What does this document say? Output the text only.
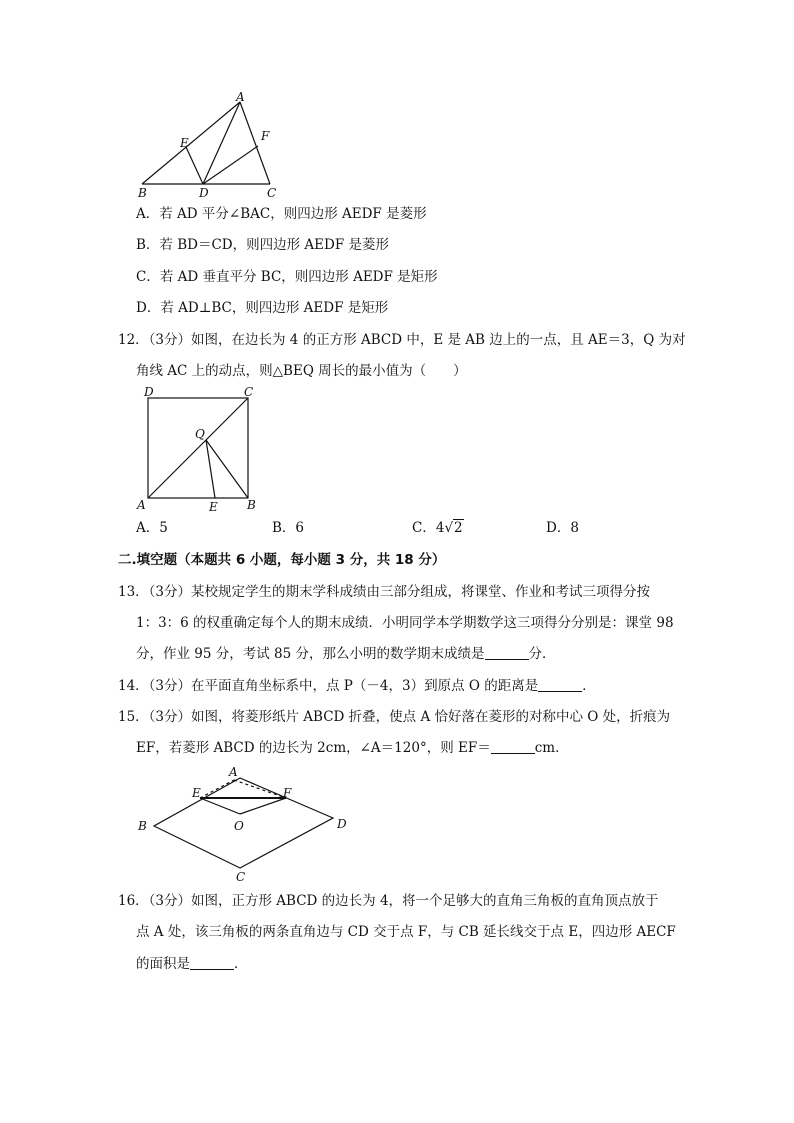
A
E	F
B	D	C
A．若 AD 平分∠BAC，则四边形 AEDF 是菱形
B．若 BD＝CD，则四边形 AEDF 是菱形
C．若 AD 垂直平分 BC，则四边形 AEDF 是矩形
D．若 AD⊥BC，则四边形 AEDF 是矩形
12．（3分）如图，在边长为 4 的正方形 ABCD 中，E 是 AB 边上的一点，且 AE＝3，Q 为对
角线 AC 上的动点，则△BEQ 周长的最小值为（　　）
D	C
Q
A	E B
A．5	B．6	C．4√2	D．8
二.填空题（本题共 6 小题，每小题 3 分，共 18 分）
13．（3分）某校规定学生的期末学科成绩由三部分组成，将课堂、作业和考试三项得分按
1：3：6 的权重确定每个人的期末成绩．小明同学本学期数学这三项得分分别是：课堂 98
分，作业 95 分，考试 85 分，那么小明的数学期末成绩是	分．
14．（3分）在平面直角坐标系中，点 P（－4，3）到原点 O 的距离是	．
15．（3分）如图，将菱形纸片 ABCD 折叠，使点 A 恰好落在菱形的对称中心 O 处，折痕为
EF，若菱形 ABCD 的边长为 2cm，∠A＝120°，则 EF＝	cm．
A
E	F
B	O	D
C
16．（3分）如图，正方形 ABCD 的边长为 4，将一个足够大的直角三角板的直角顶点放于
点 A 处，该三角板的两条直角边与 CD 交于点 F，与 CB 延长线交于点 E，四边形 AECF
的面积是	．
